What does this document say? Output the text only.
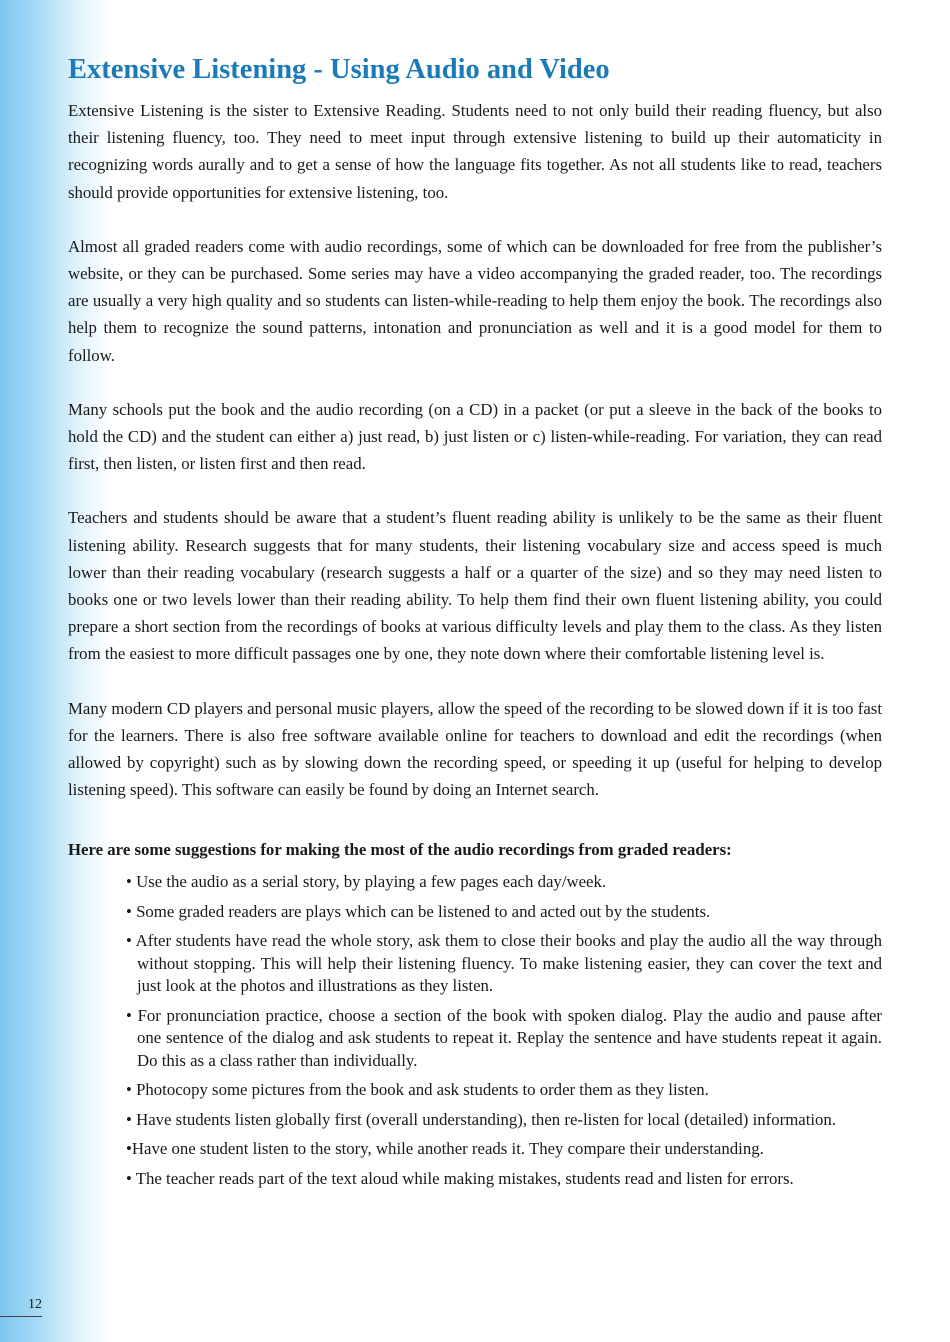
Extensive Listening - Using Audio and Video

Extensive Listening is the sister to Extensive Reading. Students need to not only build their reading fluency, but also their listening fluency, too. They need to meet input through extensive listening to build up their automaticity in recognizing words aurally and to get a sense of how the language fits together. As not all students like to read, teachers should provide opportunities for extensive listening, too.

Almost all graded readers come with audio recordings, some of which can be downloaded for free from the publisher’s website, or they can be purchased. Some series may have a video accompanying the graded reader, too. The recordings are usually a very high quality and so students can listen-while-reading to help them enjoy the book. The recordings also help them to recognize the sound patterns, intonation and pronunciation as well and it is a good model for them to follow.

Many schools put the book and the audio recording (on a CD) in a packet (or put a sleeve in the back of the books to hold the CD) and the student can either a) just read, b) just listen or c) listen-while-reading. For variation, they can read first, then listen, or listen first and then read.

Teachers and students should be aware that a student’s fluent reading ability is unlikely to be the same as their fluent listening ability. Research suggests that for many students, their listening vocabulary size and access speed is much lower than their reading vocabulary (research suggests a half or a quarter of the size) and so they may need listen to books one or two levels lower than their reading ability. To help them find their own fluent listening ability, you could prepare a short section from the recordings of books at various difficulty levels and play them to the class. As they listen from the easiest to more difficult passages one by one, they note down where their comfortable listening level is.

Many modern CD players and personal music players, allow the speed of the recording to be slowed down if it is too fast for the learners. There is also free software available online for teachers to download and edit the recordings (when allowed by copyright) such as by slowing down the recording speed, or speeding it up (useful for helping to develop listening speed). This software can easily be found by doing an Internet search.

Here are some suggestions for making the most of the audio recordings from graded readers:
• Use the audio as a serial story, by playing a few pages each day/week.
• Some graded readers are plays which can be listened to and acted out by the students.
• After students have read the whole story, ask them to close their books and play the audio all the way through without stopping. This will help their listening fluency. To make listening easier, they can cover the text and just look at the photos and illustrations as they listen.
• For pronunciation practice, choose a section of the book with spoken dialog. Play the audio and pause after one sentence of the dialog and ask students to repeat it. Replay the sentence and have students repeat it again. Do this as a class rather than individually.
• Photocopy some pictures from the book and ask students to order them as they listen.
• Have students listen globally first (overall understanding), then re-listen for local (detailed) information.
•Have one student listen to the story, while another reads it. They compare their understanding.
• The teacher reads part of the text aloud while making mistakes, students read and listen for errors.
12
